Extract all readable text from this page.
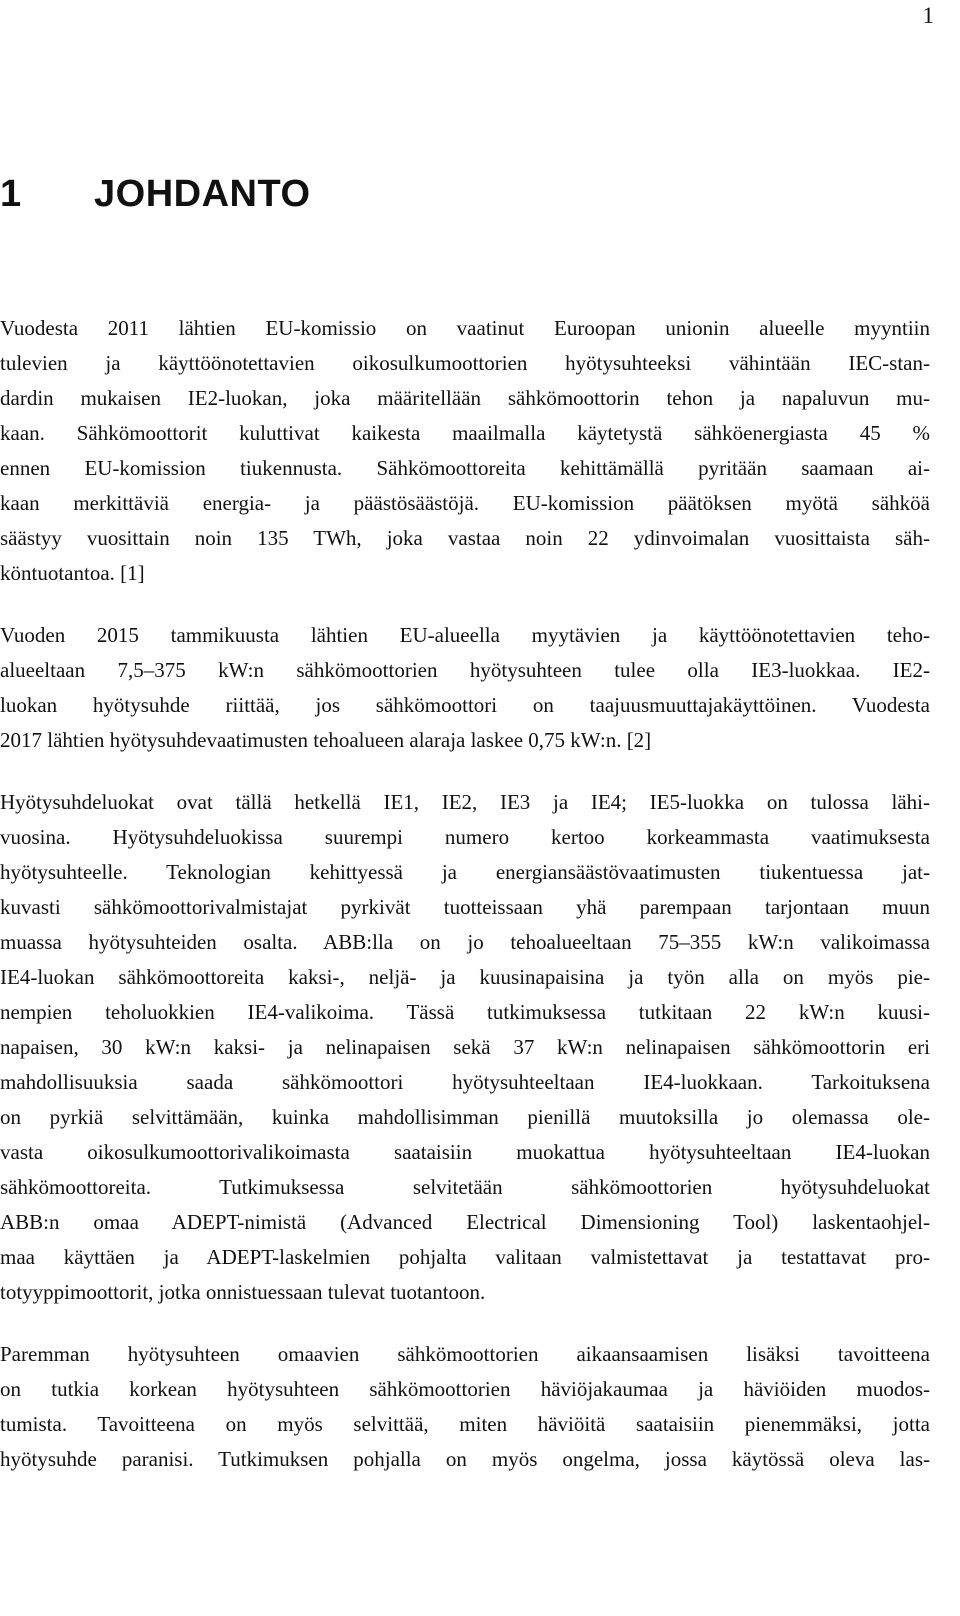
1
1	JOHDANTO
Vuodesta 2011 lähtien EU-komissio on vaatinut Euroopan unionin alueelle myyntiin
tulevien ja käyttöönotettavien oikosulkumoottorien hyötysuhteeksi vähintään IEC-stan-
dardin mukaisen IE2-luokan, joka määritellään sähkömoottorin tehon ja napaluvun mu-
kaan. Sähkömoottorit kuluttivat kaikesta maailmalla käytetystä sähköenergiasta 45 %
ennen EU-komission tiukennusta. Sähkömoottoreita kehittämällä pyritään saamaan ai-
kaan merkittäviä energia- ja päästösäästöjä. EU-komission päätöksen myötä sähköä
säästyy vuosittain noin 135 TWh, joka vastaa noin 22 ydinvoimalan vuosittaista säh-
köntuotantoa. [1]
Vuoden 2015 tammikuusta lähtien EU-alueella myytävien ja käyttöönotettavien teho-
alueeltaan 7,5–375 kW:n sähkömoottorien hyötysuhteen tulee olla IE3-luokkaa. IE2-
luokan hyötysuhde riittää, jos sähkömoottori on taajuusmuuttajakäyttöinen. Vuodesta
2017 lähtien hyötysuhdevaatimusten tehoalueen alaraja laskee 0,75 kW:n. [2]
Hyötysuhdeluokat ovat tällä hetkellä IE1, IE2, IE3 ja IE4; IE5-luokka on tulossa lähi-
vuosina. Hyötysuhdeluokissa suurempi numero kertoo korkeammasta vaatimuksesta
hyötysuhteelle. Teknologian kehittyessä ja energiansäästövaatimusten tiukentuessa jat-
kuvasti sähkömoottorivalmistajat pyrkivät tuotteissaan yhä parempaan tarjontaan muun
muassa hyötysuhteiden osalta. ABB:lla on jo tehoalueeltaan 75–355 kW:n valikoimassa
IE4-luokan sähkömoottoreita kaksi-, neljä- ja kuusinapaisina ja työn alla on myös pie-
nempien teholuokkien IE4-valikoima. Tässä tutkimuksessa tutkitaan 22 kW:n kuusi-
napaisen, 30 kW:n kaksi- ja nelinapaisen sekä 37 kW:n nelinapaisen sähkömoottorin eri
mahdollisuuksia saada sähkömoottori hyötysuhteeltaan IE4-luokkaan. Tarkoituksena
on pyrkiä selvittämään, kuinka mahdollisimman pienillä muutoksilla jo olemassa ole-
vasta oikosulkumoottorivalikoimasta saataisiin muokattua hyötysuhteeltaan IE4-luokan
sähkömoottoreita. Tutkimuksessa selvitetään sähkömoottorien hyötysuhdeluokat
ABB:n omaa ADEPT-nimistä (Advanced Electrical Dimensioning Tool) laskentaohjel-
maa käyttäen ja ADEPT-laskelmien pohjalta valitaan valmistettavat ja testattavat pro-
totyyppimoottorit, jotka onnistuessaan tulevat tuotantoon.
Paremman hyötysuhteen omaavien sähkömoottorien aikaansaamisen lisäksi tavoitteena
on tutkia korkean hyötysuhteen sähkömoottorien häviöjakaumaa ja häviöiden muodos-
tumista. Tavoitteena on myös selvittää, miten häviöitä saataisiin pienemmäksi, jotta
hyötysuhde paranisi. Tutkimuksen pohjalla on myös ongelma, jossa käytössä oleva las-
